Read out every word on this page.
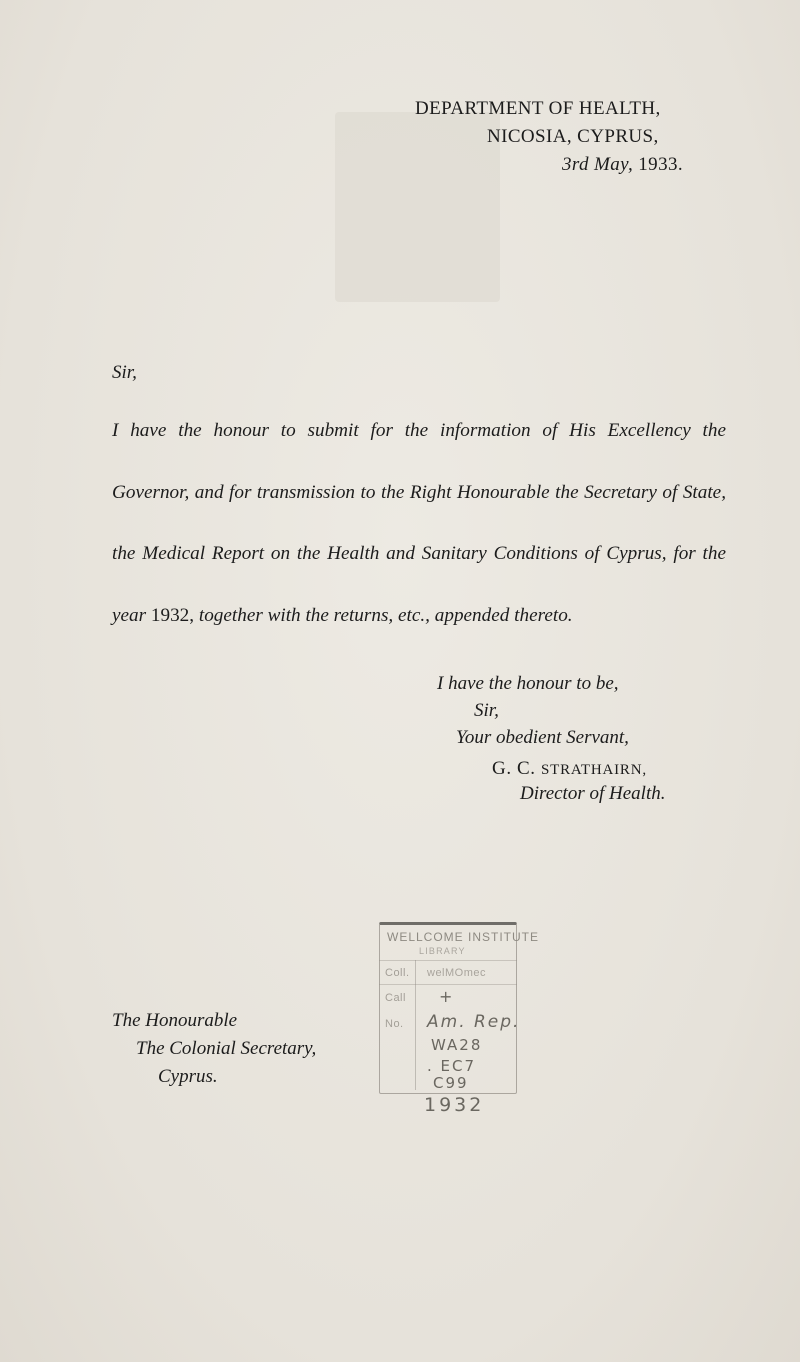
DEPARTMENT OF HEALTH,
NICOSIA, CYPRUS,
3rd May, 1933.
Sir,
I have the honour to submit for the information of His Excellency the
Governor, and for transmission to the Right Honourable the Secretary of State,
the Medical Report on the Health and Sanitary Conditions of Cyprus, for the
year 1932, together with the returns, etc., appended thereto.
I have the honour to be,
Sir,
Your obedient Servant,
G. C. STRATHAIRN,
Director of Health.
The Honourable
The Colonial Secretary,
Cyprus.
WELLCOME INSTITUTE
LIBRARY
Coll. welMOmec
Call +
No. Am. Rep.
WA28
. EC7
C99
1932
